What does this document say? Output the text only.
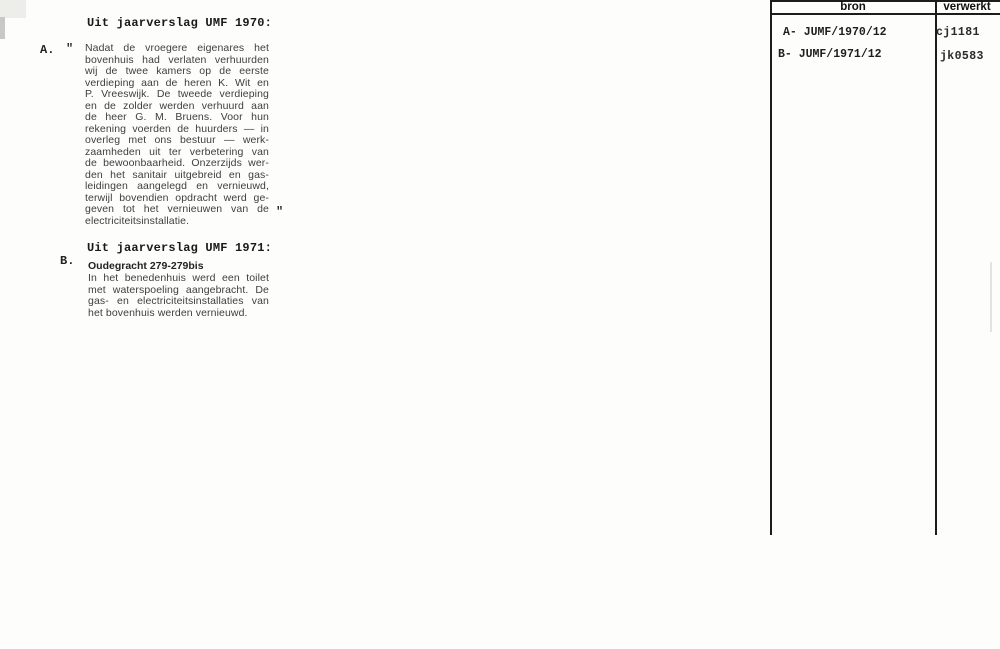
Uit jaarverslag UMF 1970:
A. " Nadat de vroegere eigenares het
bovenhuis had verlaten verhuurden
wij de twee kamers op de eerste
verdieping aan de heren K. Wit en
P. Vreeswijk. De tweede verdieping
en de zolder werden verhuurd aan
de heer G. M. Bruens. Voor hun
rekening voerden de huurders — in
overleg met ons bestuur — werk-
zaamheden uit ter verbetering van
de bewoonbaarheid. Onzerzijds wer-
den het sanitair uitgebreid en gas-
leidingen aangelegd en vernieuwd,
terwijl bovendien opdracht werd ge-
geven tot het vernieuwen van de
electriciteitsinstallatie.
"
Uit jaarverslag UMF 1971:
B. Oudegracht 279-279bis
In het benedenhuis werd een toilet
met waterspoeling aangebracht. De
gas- en electriciteitsinstallaties van
het bovenhuis werden vernieuwd.
bron	verwerkt
A- JUMF/1970/12	cj1181
B- JUMF/1971/12	jk0583
